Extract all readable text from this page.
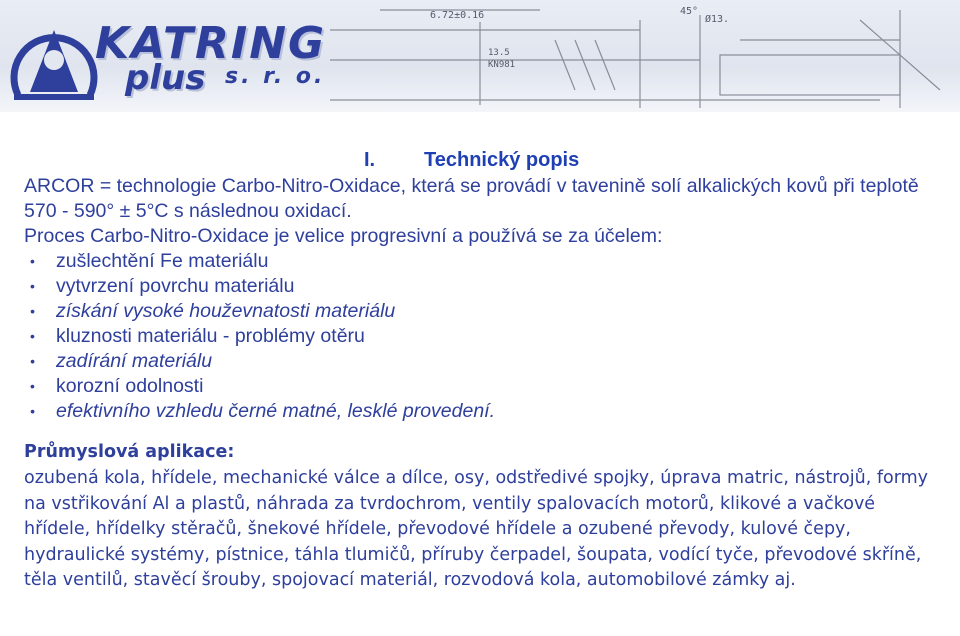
KATRING
plus s. r. o.
6.72±0.16	45°
Ø13.
13.5
KN981
I. Technický popis

ARCOR = technologie Carbo-Nitro-Oxidace, která se provádí v tavenině solí alkalických kovů při teplotě 570 - 590° ± 5°C s následnou oxidací.

Proces Carbo-Nitro-Oxidace je velice progresivní a používá se za účelem:

• zušlechtění Fe materiálu
• vytvrzení povrchu materiálu
• získání vysoké houževnatosti materiálu
• kluznosti materiálu - problémy otěru
• zadírání materiálu
• korozní odolnosti
• efektivního vzhledu černé matné, lesklé provedení.
Průmyslová aplikace:

ozubená kola, hřídele, mechanické válce a dílce, osy, odstředivé spojky, úprava matric, nástrojů, formy na vstřikování Al a plastů, náhrada za tvrdochrom, ventily spalovacích motorů, klikové a vačkové hřídele, hřídelky stěračů, šnekové hřídele, převodové hřídele a ozubené převody, kulové čepy, hydraulické systémy, pístnice, táhla tlumičů, příruby čerpadel, šoupata, vodící tyče, převodové skříně, těla ventilů, stavěcí šrouby, spojovací materiál, rozvodová kola, automobilové zámky aj.
